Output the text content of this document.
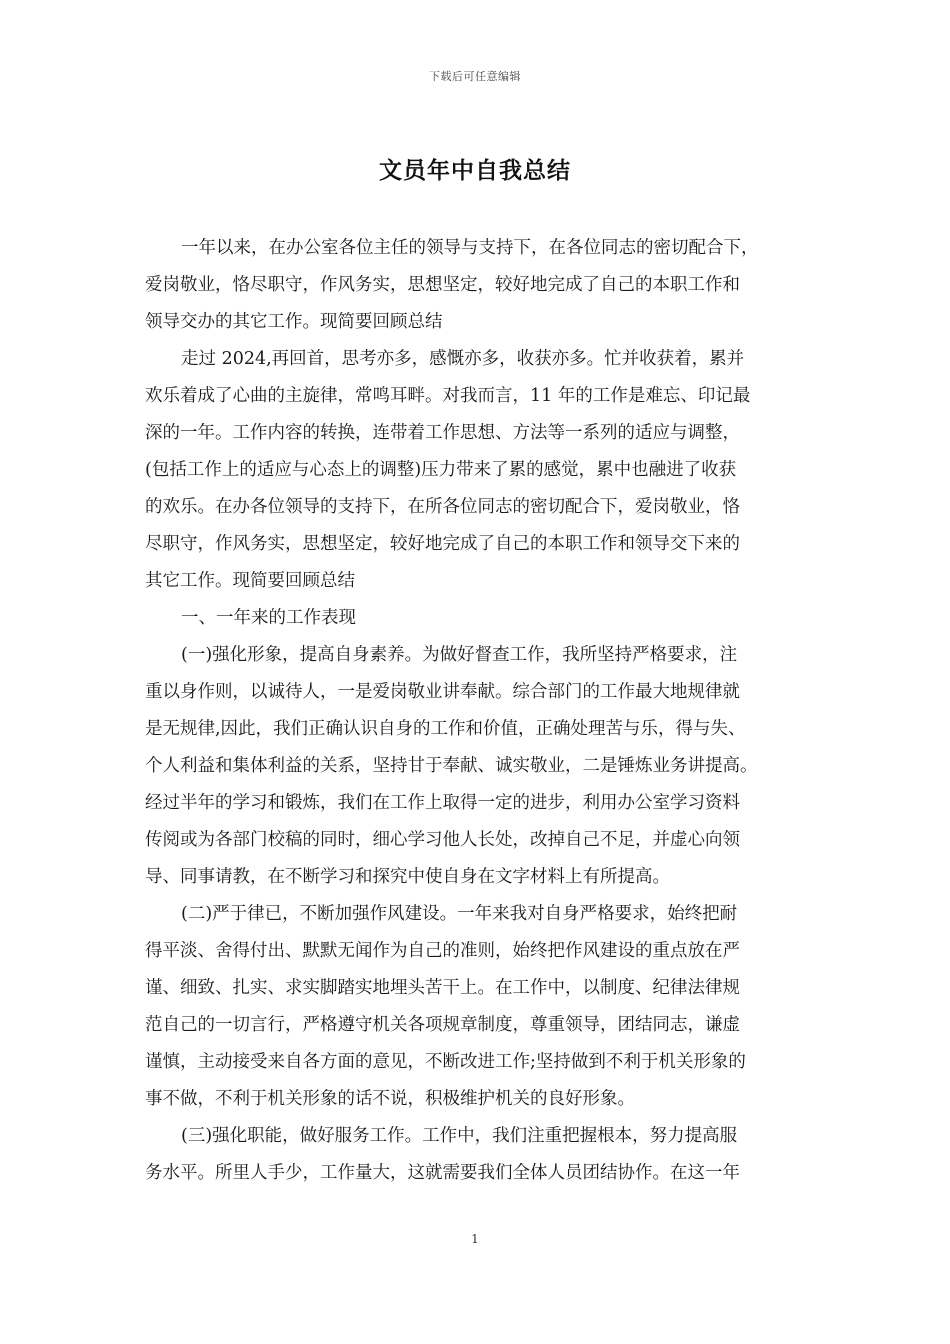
下载后可任意编辑
文员年中自我总结
一年以来，在办公室各位主任的领导与支持下，在各位同志的密切配合下，
爱岗敬业，恪尽职守，作风务实，思想坚定，较好地完成了自己的本职工作和
领导交办的其它工作。现简要回顾总结
走过 2024,再回首，思考亦多，感慨亦多，收获亦多。忙并收获着，累并
欢乐着成了心曲的主旋律，常鸣耳畔。对我而言，11 年的工作是难忘、印记最
深的一年。工作内容的转换，连带着工作思想、方法等一系列的适应与调整，
(包括工作上的适应与心态上的调整)压力带来了累的感觉，累中也融进了收获
的欢乐。在办各位领导的支持下，在所各位同志的密切配合下，爱岗敬业，恪
尽职守，作风务实，思想坚定，较好地完成了自己的本职工作和领导交下来的
其它工作。现简要回顾总结
一、一年来的工作表现
(一)强化形象，提高自身素养。为做好督查工作，我所坚持严格要求，注
重以身作则，以诚待人，一是爱岗敬业讲奉献。综合部门的工作最大地规律就
是无规律,因此，我们正确认识自身的工作和价值，正确处理苦与乐，得与失、
个人利益和集体利益的关系，坚持甘于奉献、诚实敬业，二是锤炼业务讲提高。
经过半年的学习和锻炼，我们在工作上取得一定的进步，利用办公室学习资料
传阅或为各部门校稿的同时，细心学习他人长处，改掉自己不足，并虚心向领
导、同事请教，在不断学习和探究中使自身在文字材料上有所提高。
(二)严于律已，不断加强作风建设。一年来我对自身严格要求，始终把耐
得平淡、舍得付出、默默无闻作为自己的准则，始终把作风建设的重点放在严
谨、细致、扎实、求实脚踏实地埋头苦干上。在工作中，以制度、纪律法律规
范自己的一切言行，严格遵守机关各项规章制度，尊重领导，团结同志，谦虚
谨慎，主动接受来自各方面的意见，不断改进工作;坚持做到不利于机关形象的
事不做，不利于机关形象的话不说，积极维护机关的良好形象。
(三)强化职能，做好服务工作。工作中，我们注重把握根本，努力提高服
务水平。所里人手少，工作量大，这就需要我们全体人员团结协作。在这一年
1
